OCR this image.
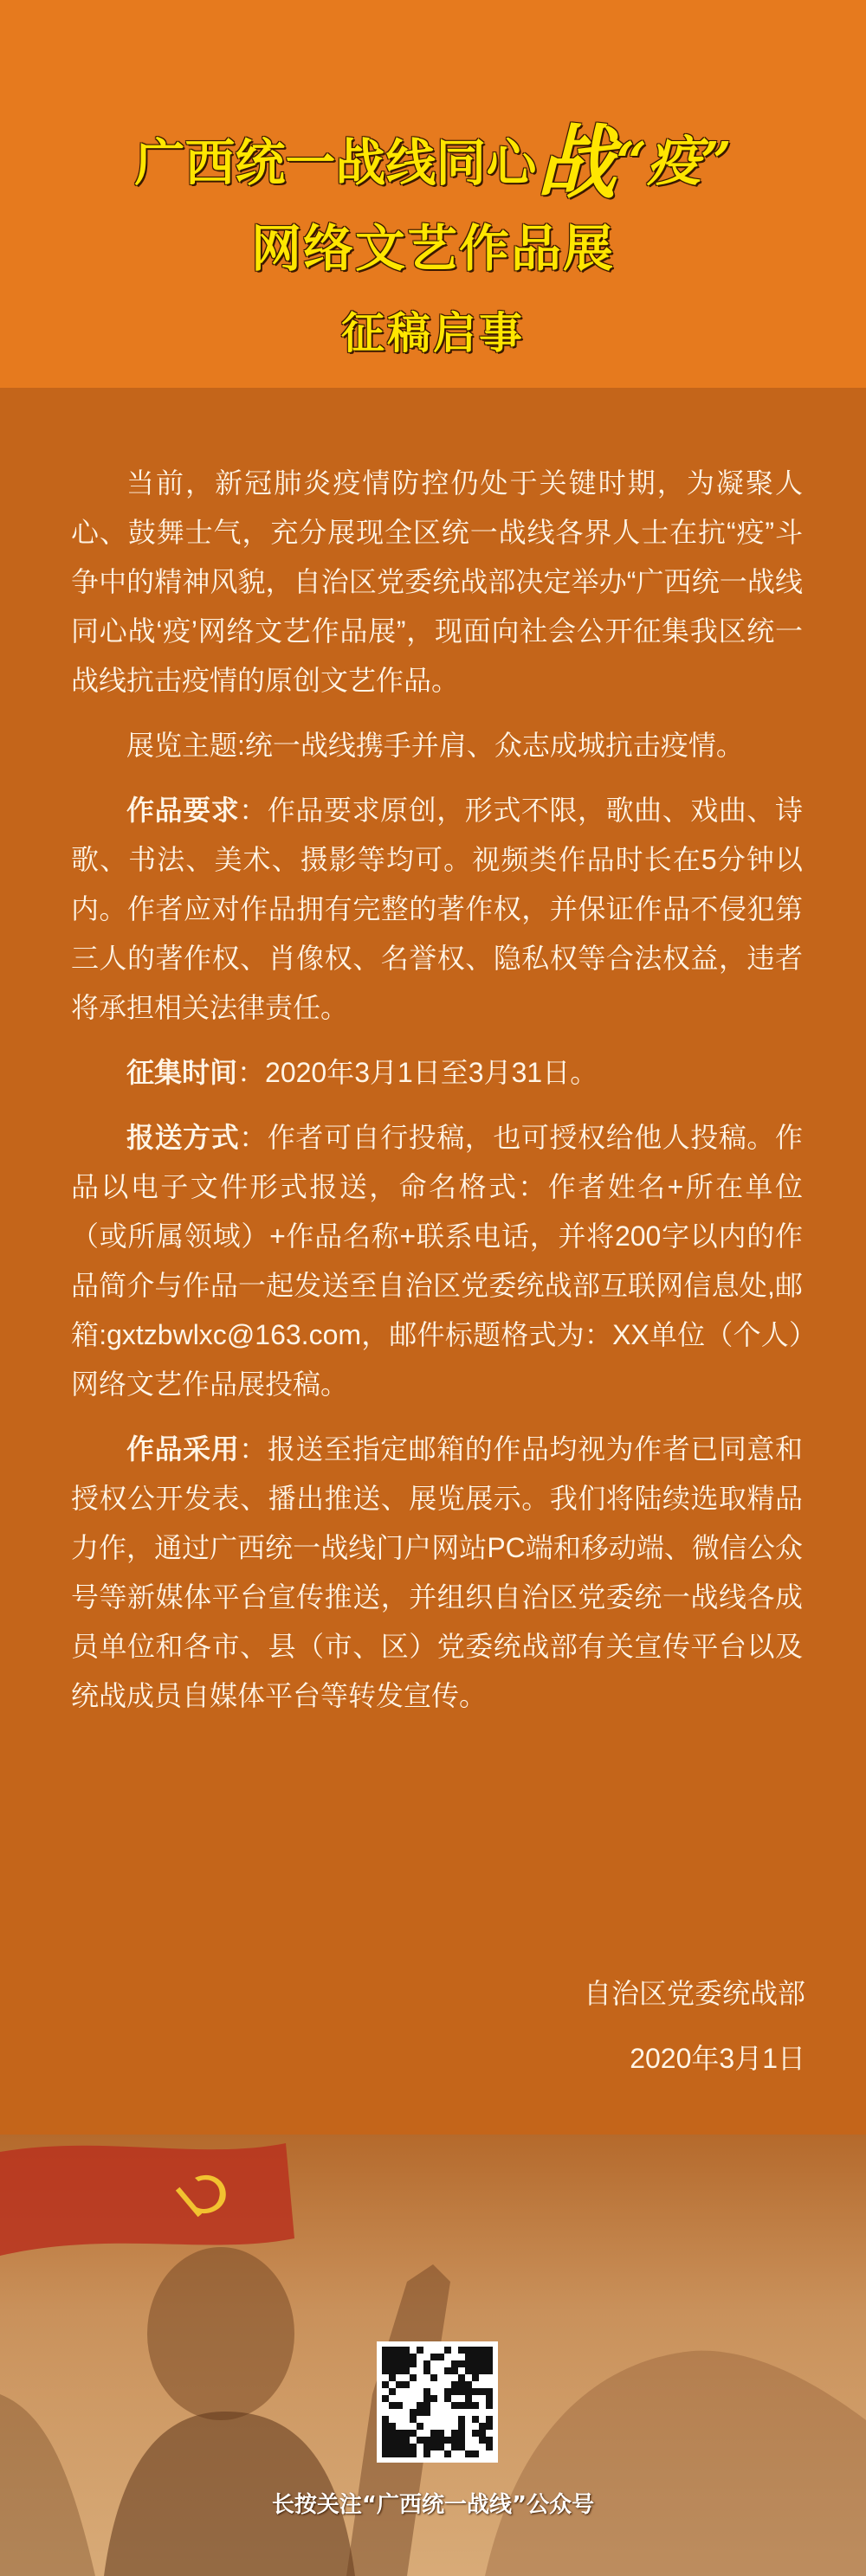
广西统一战线同心战“疫”
网络文艺作品展
征稿启事

当前，新冠肺炎疫情防控仍处于关键时期，为凝聚人心、鼓舞士气，充分展现全区统一战线各界人士在抗“疫”斗争中的精神风貌，自治区党委统战部决定举办“广西统一战线同心战‘疫’网络文艺作品展”，现面向社会公开征集我区统一战线抗击疫情的原创文艺作品。

展览主题:统一战线携手并肩、众志成城抗击疫情。

作品要求：作品要求原创，形式不限，歌曲、戏曲、诗歌、书法、美术、摄影等均可。视频类作品时长在5分钟以内。作者应对作品拥有完整的著作权，并保证作品不侵犯第三人的著作权、肖像权、名誉权、隐私权等合法权益，违者将承担相关法律责任。

征集时间：2020年3月1日至3月31日。

报送方式：作者可自行投稿，也可授权给他人投稿。作品以电子文件形式报送，命名格式：作者姓名+所在单位（或所属领域）+作品名称+联系电话，并将200字以内的作品简介与作品一起发送至自治区党委统战部互联网信息处,邮箱:gxtzbwlxc@163.com，邮件标题格式为：XX单位（个人）网络文艺作品展投稿。

作品采用：报送至指定邮箱的作品均视为作者已同意和授权公开发表、播出推送、展览展示。我们将陆续选取精品力作，通过广西统一战线门户网站PC端和移动端、微信公众号等新媒体平台宣传推送，并组织自治区党委统一战线各成员单位和各市、县（市、区）党委统战部有关宣传平台以及统战成员自媒体平台等转发宣传。

自治区党委统战部
2020年3月1日
长按关注“广西统一战线”公众号
